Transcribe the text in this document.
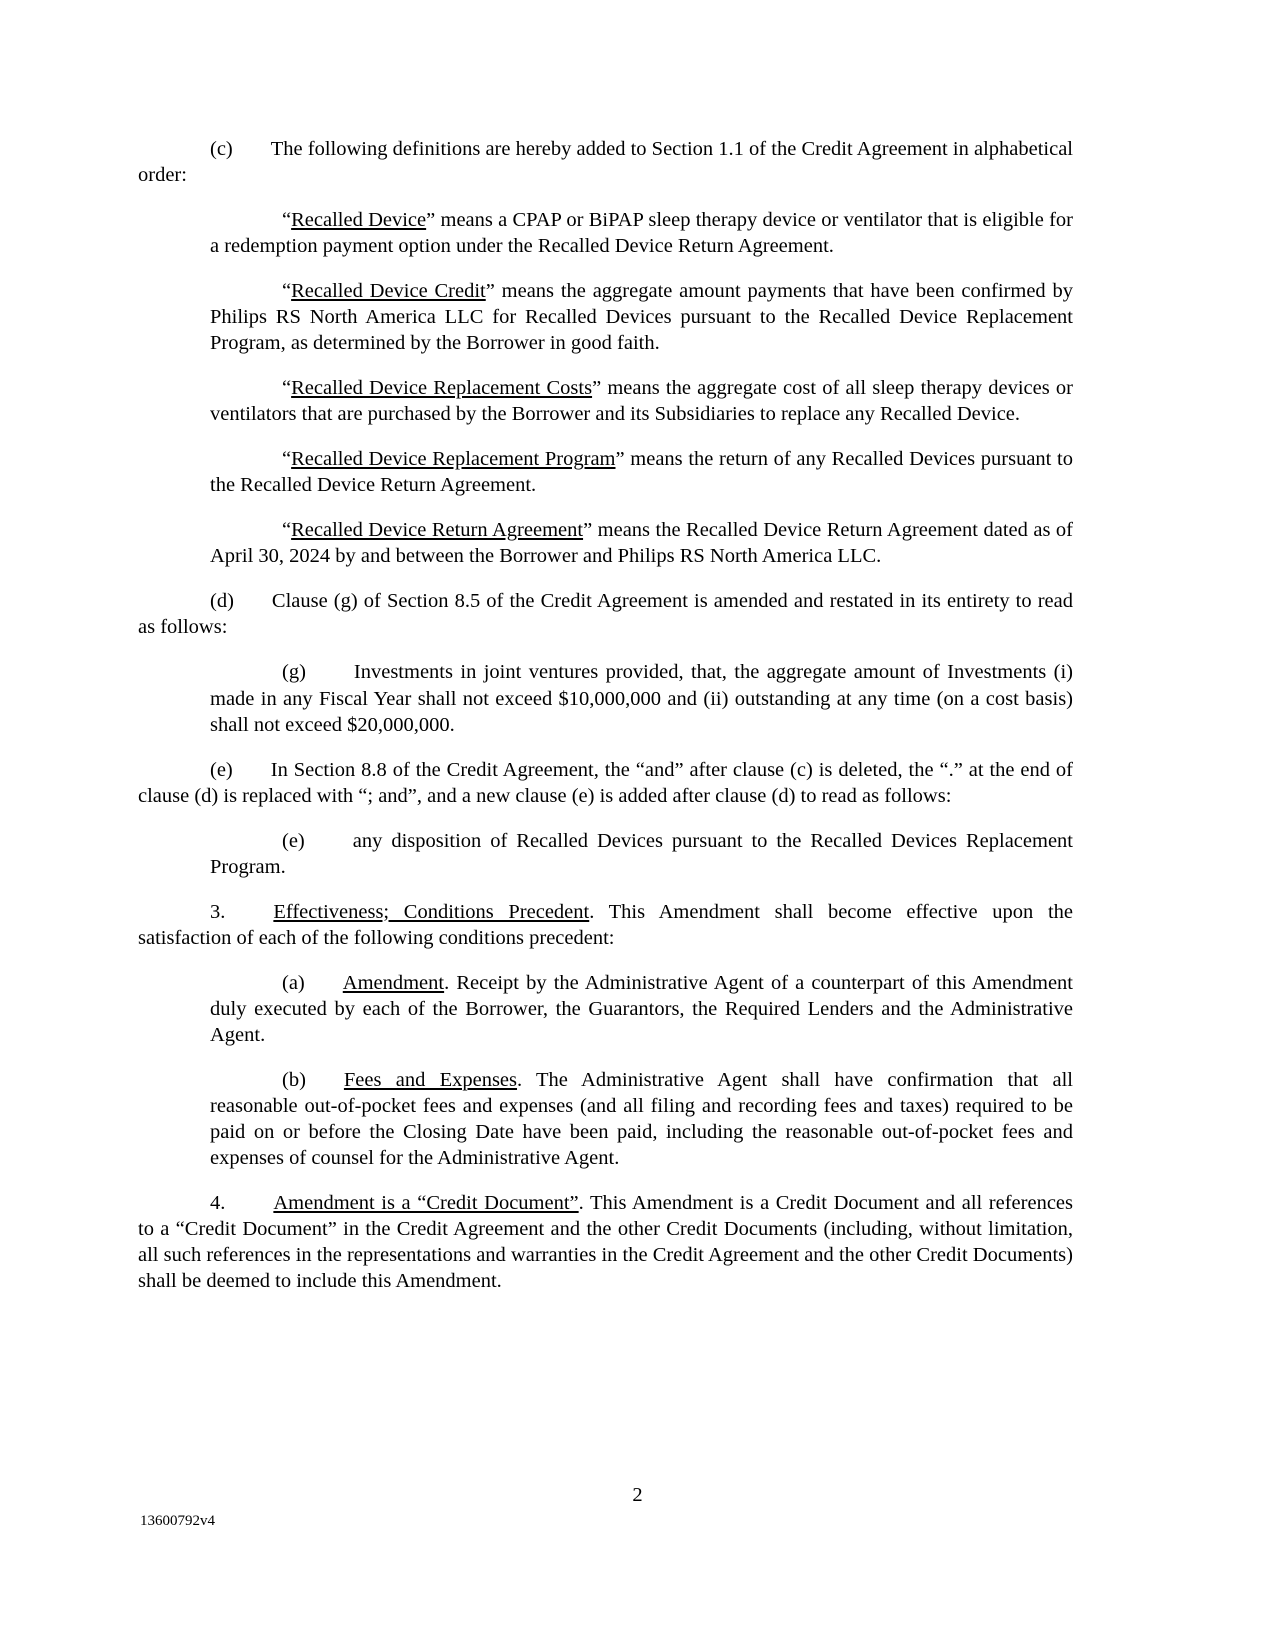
(c) The following definitions are hereby added to Section 1.1 of the Credit Agreement in alphabetical order:

“Recalled Device” means a CPAP or BiPAP sleep therapy device or ventilator that is eligible for a redemption payment option under the Recalled Device Return Agreement.

“Recalled Device Credit” means the aggregate amount payments that have been confirmed by Philips RS North America LLC for Recalled Devices pursuant to the Recalled Device Replacement Program, as determined by the Borrower in good faith.

“Recalled Device Replacement Costs” means the aggregate cost of all sleep therapy devices or ventilators that are purchased by the Borrower and its Subsidiaries to replace any Recalled Device.

“Recalled Device Replacement Program” means the return of any Recalled Devices pursuant to the Recalled Device Return Agreement.

“Recalled Device Return Agreement” means the Recalled Device Return Agreement dated as of April 30, 2024 by and between the Borrower and Philips RS North America LLC.

(d) Clause (g) of Section 8.5 of the Credit Agreement is amended and restated in its entirety to read as follows:

(g) Investments in joint ventures provided, that, the aggregate amount of Investments (i) made in any Fiscal Year shall not exceed $10,000,000 and (ii) outstanding at any time (on a cost basis) shall not exceed $20,000,000.

(e) In Section 8.8 of the Credit Agreement, the “and” after clause (c) is deleted, the “.” at the end of clause (d) is replaced with “; and”, and a new clause (e) is added after clause (d) to read as follows:

(e) any disposition of Recalled Devices pursuant to the Recalled Devices Replacement Program.

3. Effectiveness; Conditions Precedent. This Amendment shall become effective upon the satisfaction of each of the following conditions precedent:

(a) Amendment. Receipt by the Administrative Agent of a counterpart of this Amendment duly executed by each of the Borrower, the Guarantors, the Required Lenders and the Administrative Agent.

(b) Fees and Expenses. The Administrative Agent shall have confirmation that all reasonable out-of-pocket fees and expenses (and all filing and recording fees and taxes) required to be paid on or before the Closing Date have been paid, including the reasonable out-of-pocket fees and expenses of counsel for the Administrative Agent.

4. Amendment is a “Credit Document”. This Amendment is a Credit Document and all references to a “Credit Document” in the Credit Agreement and the other Credit Documents (including, without limitation, all such references in the representations and warranties in the Credit Agreement and the other Credit Documents) shall be deemed to include this Amendment.

2
13600792v4
